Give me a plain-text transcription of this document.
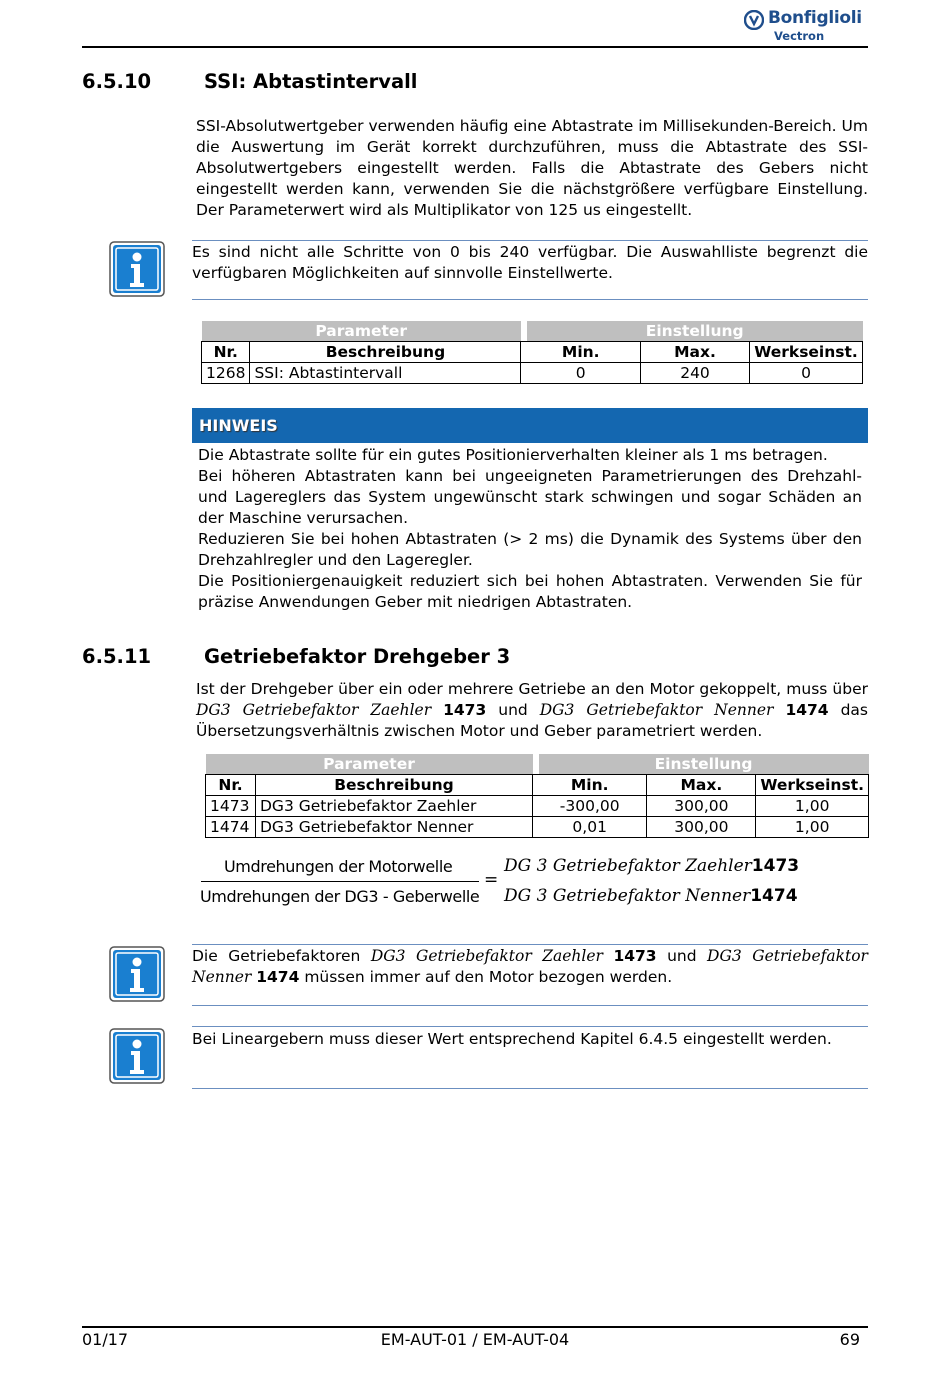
Bonfiglioli
Vectron
6.5.10	SSI: Abtastintervall

SSI-Absolutwertgeber verwenden häufig eine Abtastrate im Millisekunden-Bereich. Um die Auswertung im Gerät korrekt durchzuführen, muss die Abtastrate des SSI-Absolutwertgebers eingestellt werden. Falls die Abtastrate des Gebers nicht eingestellt werden kann, verwenden Sie die nächstgrößere verfügbare Einstellung. Der Parameterwert wird als Multiplikator von 125 us eingestellt.

Es sind nicht alle Schritte von 0 bis 240 verfügbar. Die Auswahlliste begrenzt die verfügbaren Möglichkeiten auf sinnvolle Einstellwerte.

Parameter			Einstellung		
Nr.	Beschreibung	Min.		Max.	Werkseinst.
1268	SSI: Abtastintervall	0		240	0
HINWEIS

Die Abtastrate sollte für ein gutes Positionierverhalten kleiner als 1 ms betragen.

Bei höheren Abtastraten kann bei ungeeigneten Parametrierungen des Drehzahl- und Lagereglers das System ungewünscht stark schwingen und sogar Schäden an der Maschine verursachen.

Reduzieren Sie bei hohen Abtastraten (> 2 ms) die Dynamik des Systems über den Drehzahlregler und den Lageregler.

Die Positioniergenauigkeit reduziert sich bei hohen Abtastraten. Verwenden Sie für präzise Anwendungen Geber mit niedrigen Abtastraten.

6.5.11	Getriebefaktor Drehgeber 3

Ist der Drehgeber über ein oder mehrere Getriebe an den Motor gekoppelt, muss über DG3 Getriebefaktor Zaehler 1473 und DG3 Getriebefaktor Nenner 1474 das Übersetzungsverhältnis zwischen Motor und Geber parametriert werden.

Parameter			Einstellung		
Nr.	Beschreibung	Min.		Max.	Werkseinst.
1473	DG3 Getriebefaktor Zaehler	-300,00		300,00	1,00
1474	DG3 Getriebefaktor Nenner	0,01		300,00	1,00
Umdrehungen der Motorwelle
Umdrehungen der DG3 - Geberwelle
=
DG 3 Getriebefaktor Zaehler1473
DG 3 Getriebefaktor Nenner1474

Die Getriebefaktoren DG3 Getriebefaktor Zaehler 1473 und DG3 Getriebefaktor Nenner 1474 müssen immer auf den Motor bezogen werden.

Bei Lineargebern muss dieser Wert entsprechend Kapitel 6.4.5 eingestellt werden.

01/17	EM-AUT-01 / EM-AUT-04	69
